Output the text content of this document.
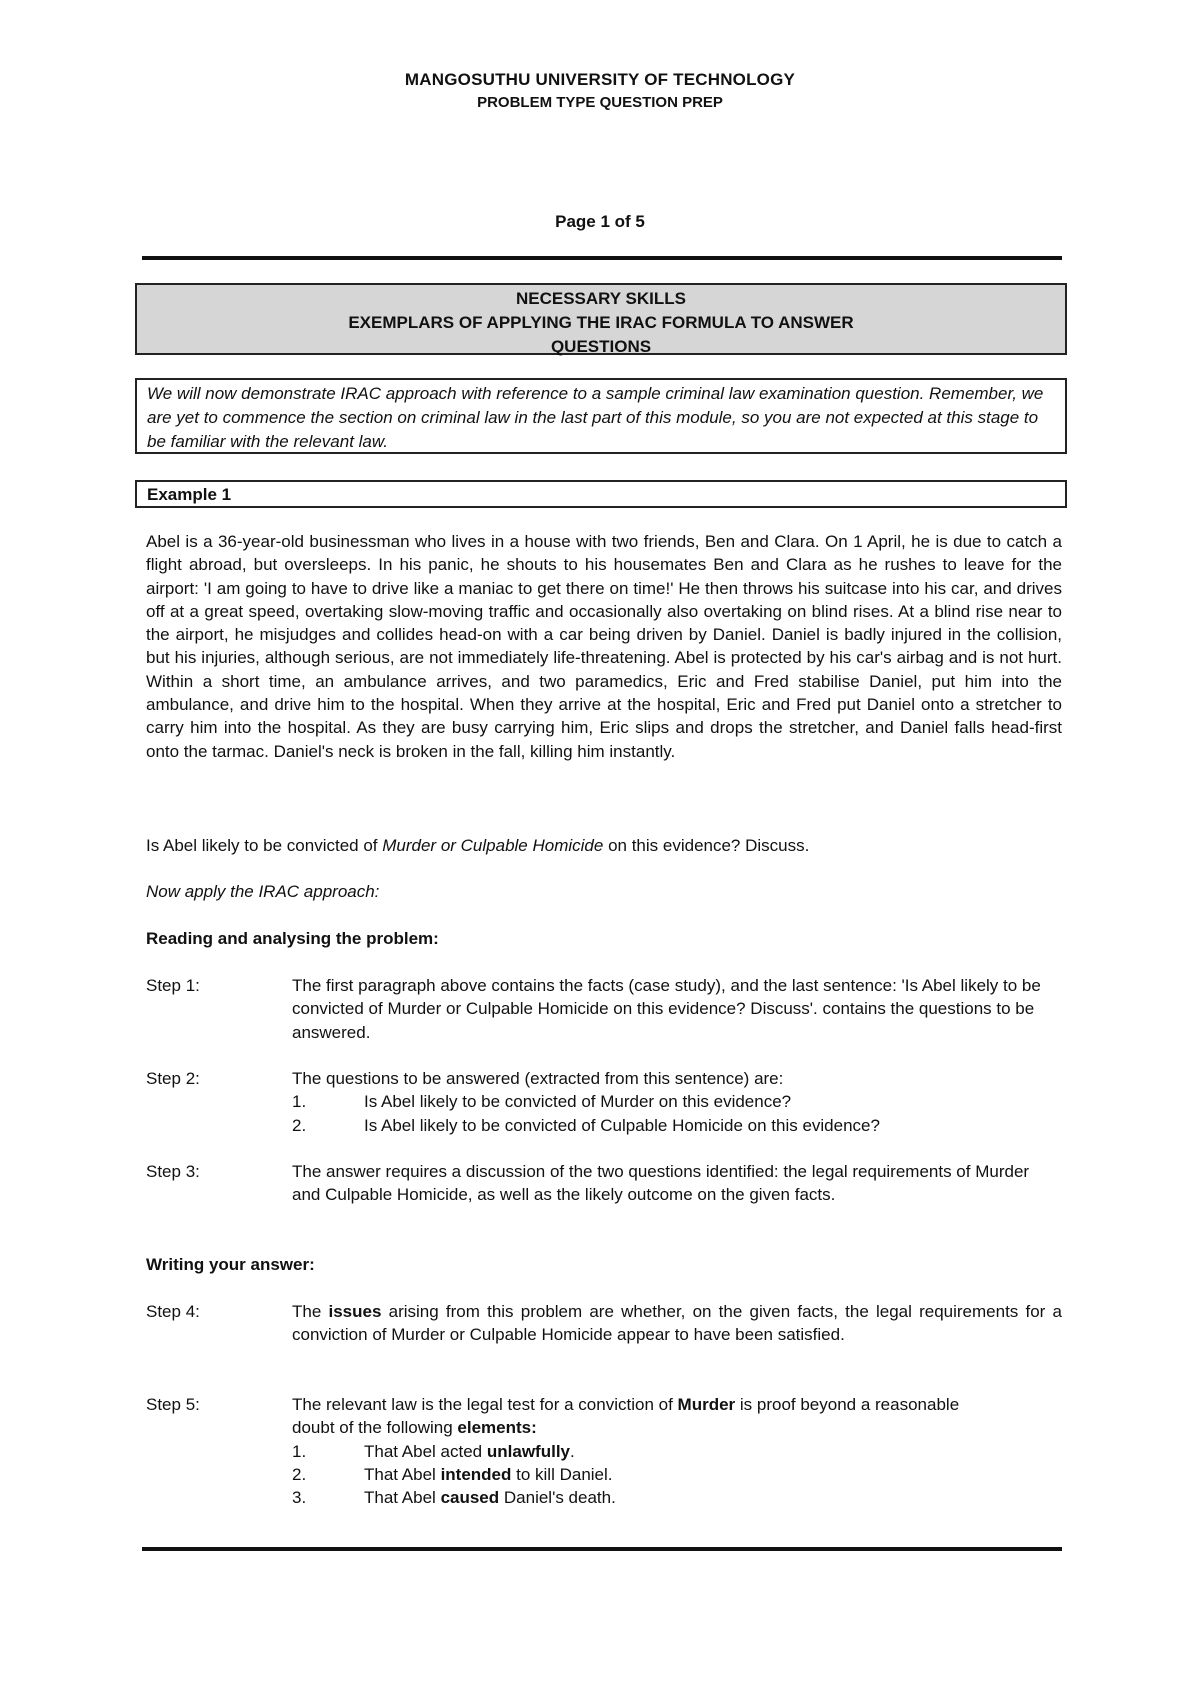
MANGOSUTHU UNIVERSITY OF TECHNOLOGY
PROBLEM TYPE QUESTION PREP
Page 1 of 5
NECESSARY SKILLS
EXEMPLARS OF APPLYING THE IRAC FORMULA TO ANSWER
QUESTIONS
We will now demonstrate IRAC approach with reference to a sample criminal law examination question. Remember, we are yet to commence the section on criminal law in the last part of this module, so you are not expected at this stage to be familiar with the relevant law.
Example 1

Abel is a 36-year-old businessman who lives in a house with two friends, Ben and Clara. On 1 April, he is due to catch a flight abroad, but oversleeps. In his panic, he shouts to his housemates Ben and Clara as he rushes to leave for the airport: 'I am going to have to drive like a maniac to get there on time!' He then throws his suitcase into his car, and drives off at a great speed, overtaking slow-moving traffic and occasionally also overtaking on blind rises. At a blind rise near to the airport, he misjudges and collides head-on with a car being driven by Daniel. Daniel is badly injured in the collision, but his injuries, although serious, are not immediately life-threatening. Abel is protected by his car's airbag and is not hurt. Within a short time, an ambulance arrives, and two paramedics, Eric and Fred stabilise Daniel, put him into the ambulance, and drive him to the hospital. When they arrive at the hospital, Eric and Fred put Daniel onto a stretcher to carry him into the hospital. As they are busy carrying him, Eric slips and drops the stretcher, and Daniel falls head-first onto the tarmac. Daniel's neck is broken in the fall, killing him instantly.

Is Abel likely to be convicted of Murder or Culpable Homicide on this evidence? Discuss.
Now apply the IRAC approach:
Reading and analysing the problem:
Step 1:	The first paragraph above contains the facts (case study), and the last sentence: 'Is Abel likely to be convicted of Murder or Culpable Homicide on this evidence? Discuss'. contains the questions to be answered.
Step 2:	The questions to be answered (extracted from this sentence) are:
1.	Is Abel likely to be convicted of Murder on this evidence?
2.	Is Abel likely to be convicted of Culpable Homicide on this evidence?
Step 3:	The answer requires a discussion of the two questions identified: the legal requirements of Murder and Culpable Homicide, as well as the likely outcome on the given facts.
Writing your answer:
Step 4:	The issues arising from this problem are whether, on the given facts, the legal requirements for a conviction of Murder or Culpable Homicide appear to have been satisfied.
Step 5:	The relevant law is the legal test for a conviction of Murder is proof beyond a reasonable doubt of the following elements:
1.	That Abel acted unlawfully.
2.	That Abel intended to kill Daniel.
3.	That Abel caused Daniel's death.
